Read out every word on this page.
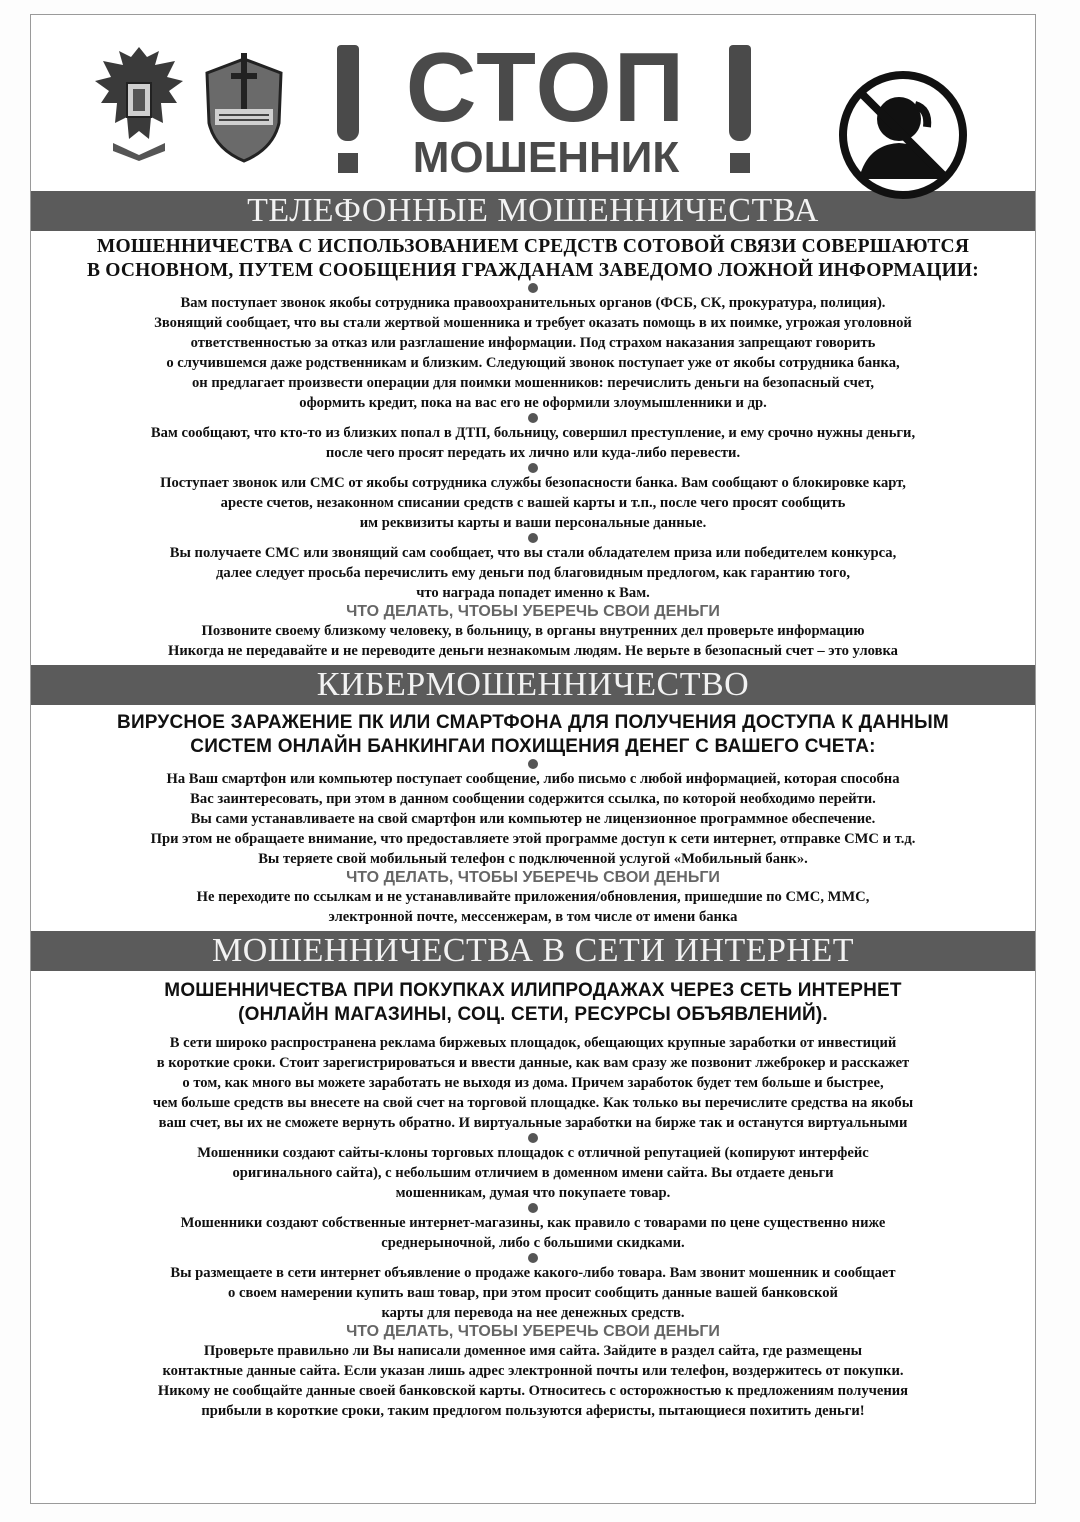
СТОП
МОШЕННИК
ТЕЛЕФОННЫЕ МОШЕННИЧЕСТВА
МОШЕННИЧЕСТВА С ИСПОЛЬЗОВАНИЕМ СРЕДСТВ СОТОВОЙ СВЯЗИ СОВЕРШАЮТСЯ
В ОСНОВНОМ, ПУТЕМ СООБЩЕНИЯ ГРАЖДАНАМ ЗАВЕДОМО ЛОЖНОЙ ИНФОРМАЦИИ:
Вам поступает звонок якобы сотрудника правоохранительных органов (ФСБ, СК, прокуратура, полиция).
Звонящий сообщает, что вы стали жертвой мошенника и требует оказать помощь в их поимке, угрожая уголовной
ответственностью за отказ или разглашение информации. Под страхом наказания запрещают говорить
о случившемся даже родственникам и близким. Следующий звонок поступает уже от якобы сотрудника банка,
он предлагает произвести операции для поимки мошенников: перечислить деньги на безопасный счет,
оформить кредит, пока на вас его не оформили злоумышленники и др.
Вам сообщают, что кто-то из близких попал в ДТП, больницу, совершил преступление, и ему срочно нужны деньги,
после чего просят передать их лично или куда-либо перевести.
Поступает звонок или СМС от якобы сотрудника службы безопасности банка. Вам сообщают о блокировке карт,
аресте счетов, незаконном списании средств с вашей карты и т.п., после чего просят сообщить
им реквизиты карты и ваши персональные данные.
Вы получаете СМС или звонящий сам сообщает, что вы стали обладателем приза или победителем конкурса,
далее следует просьба перечислить ему деньги под благовидным предлогом, как гарантию того,
что награда попадет именно к Вам.
ЧТО ДЕЛАТЬ, ЧТОБЫ УБЕРЕЧЬ СВОИ ДЕНЬГИ
Позвоните своему близкому человеку, в больницу, в органы внутренних дел проверьте информацию
Никогда не передавайте и не переводите деньги незнакомым людям. Не верьте в безопасный счет – это уловка
КИБЕРМОШЕННИЧЕСТВО
ВИРУСНОЕ ЗАРАЖЕНИЕ ПК ИЛИ СМАРТФОНА ДЛЯ ПОЛУЧЕНИЯ ДОСТУПА К ДАННЫМ
СИСТЕМ ОНЛАЙН БАНКИНГАИ ПОХИЩЕНИЯ ДЕНЕГ С ВАШЕГО СЧЕТА:
На Ваш смартфон или компьютер поступает сообщение, либо письмо с любой информацией, которая способна
Вас заинтересовать, при этом в данном сообщении содержится ссылка, по которой необходимо перейти.
Вы сами устанавливаете на свой смартфон или компьютер не лицензионное программное обеспечение.
При этом не обращаете внимание, что предоставляете этой программе доступ к сети интернет, отправке СМС и т.д.
Вы теряете свой мобильный телефон с подключенной услугой «Мобильный банк».
ЧТО ДЕЛАТЬ, ЧТОБЫ УБЕРЕЧЬ СВОИ ДЕНЬГИ
Не переходите по ссылкам и не устанавливайте приложения/обновления, пришедшие по СМС, ММС,
электронной почте, мессенжерам, в том числе от имени банка
МОШЕННИЧЕСТВА В СЕТИ ИНТЕРНЕТ
МОШЕННИЧЕСТВА ПРИ ПОКУПКАХ ИЛИПРОДАЖАХ ЧЕРЕЗ СЕТЬ ИНТЕРНЕТ
(ОНЛАЙН МАГАЗИНЫ, СОЦ. СЕТИ, РЕСУРСЫ ОБЪЯВЛЕНИЙ).
В сети широко распространена реклама биржевых площадок, обещающих крупные заработки от инвестиций
в короткие сроки. Стоит зарегистрироваться и ввести данные, как вам сразу же позвонит лжеброкер и расскажет
о том, как много вы можете заработать не выходя из дома. Причем заработок будет тем больше и быстрее,
чем больше средств вы внесете на свой счет на торговой площадке. Как только вы перечислите средства на якобы
ваш счет, вы их не сможете вернуть обратно. И виртуальные заработки на бирже так и останутся виртуальными
Мошенники создают сайты-клоны торговых площадок с отличной репутацией (копируют интерфейс
оригинального сайта), с небольшим отличием в доменном имени сайта. Вы отдаете деньги
мошенникам, думая что покупаете товар.
Мошенники создают собственные интернет-магазины, как правило с товарами по цене существенно ниже
среднерыночной, либо с большими скидками.
Вы размещаете в сети интернет объявление о продаже какого-либо товара. Вам звонит мошенник и сообщает
о своем намерении купить ваш товар, при этом просит сообщить данные вашей банковской
карты для перевода на нее денежных средств.
ЧТО ДЕЛАТЬ, ЧТОБЫ УБЕРЕЧЬ СВОИ ДЕНЬГИ
Проверьте правильно ли Вы написали доменное имя сайта. Зайдите в раздел сайта, где размещены
контактные данные сайта. Если указан лишь адрес электронной почты или телефон, воздержитесь от покупки.
Никому не сообщайте данные своей банковской карты. Относитесь с осторожностью к предложениям получения
прибыли в короткие сроки, таким предлогом пользуются аферисты, пытающиеся похитить деньги!
